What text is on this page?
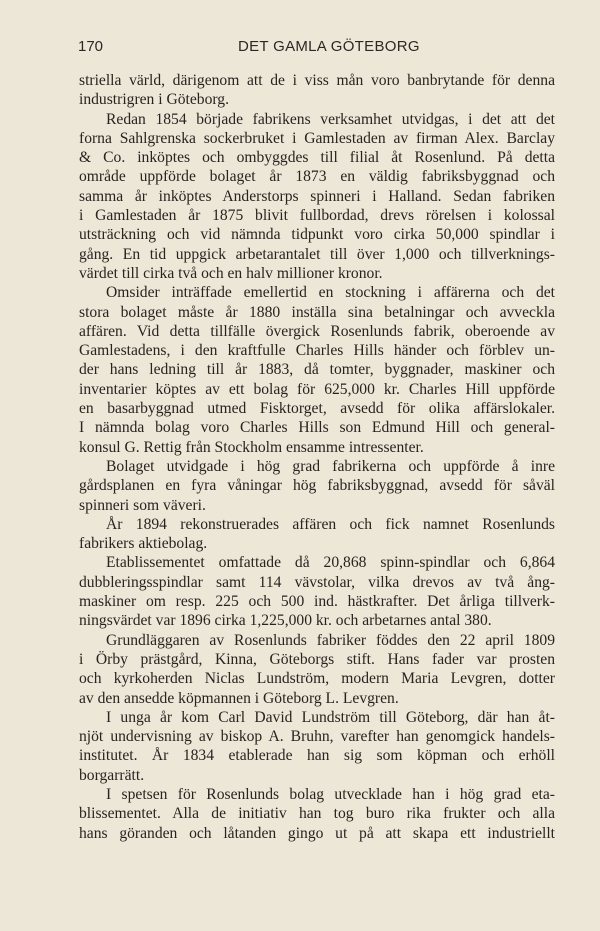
170	DET GAMLA GÖTEBORG
striella värld, därigenom att de i viss mån voro banbrytande för denna
industrigren i Göteborg.
Redan 1854 började fabrikens verksamhet utvidgas, i det att det
forna Sahlgrenska sockerbruket i Gamlestaden av firman Alex. Barclay
& Co. inköptes och ombyggdes till filial åt Rosenlund. På detta
område uppförde bolaget år 1873 en väldig fabriksbyggnad och
samma år inköptes Anderstorps spinneri i Halland. Sedan fabriken
i Gamlestaden år 1875 blivit fullbordad, drevs rörelsen i kolossal
utsträckning och vid nämnda tidpunkt voro cirka 50,000 spindlar i
gång. En tid uppgick arbetarantalet till över 1,000 och tillverknings-
värdet till cirka två och en halv millioner kronor.
Omsider inträffade emellertid en stockning i affärerna och det
stora bolaget måste år 1880 inställa sina betalningar och avveckla
affären. Vid detta tillfälle övergick Rosenlunds fabrik, oberoende av
Gamlestadens, i den kraftfulle Charles Hills händer och förblev un-
der hans ledning till år 1883, då tomter, byggnader, maskiner och
inventarier köptes av ett bolag för 625,000 kr. Charles Hill uppförde
en basarbyggnad utmed Fisktorget, avsedd för olika affärslokaler.
I nämnda bolag voro Charles Hills son Edmund Hill och general-
konsul G. Rettig från Stockholm ensamme intressenter.
Bolaget utvidgade i hög grad fabrikerna och uppförde å inre
gårdsplanen en fyra våningar hög fabriksbyggnad, avsedd för såväl
spinneri som väveri.
År 1894 rekonstruerades affären och fick namnet Rosenlunds
fabrikers aktiebolag.
Etablissementet omfattade då 20,868 spinn-spindlar och 6,864
dubbleringsspindlar samt 114 vävstolar, vilka drevos av två ång-
maskiner om resp. 225 och 500 ind. hästkrafter. Det årliga tillverk-
ningsvärdet var 1896 cirka 1,225,000 kr. och arbetarnes antal 380.
Grundläggaren av Rosenlunds fabriker föddes den 22 april 1809
i Örby prästgård, Kinna, Göteborgs stift. Hans fader var prosten
och kyrkoherden Niclas Lundström, modern Maria Levgren, dotter
av den ansedde köpmannen i Göteborg L. Levgren.
I unga år kom Carl David Lundström till Göteborg, där han åt-
njöt undervisning av biskop A. Bruhn, varefter han genomgick handels-
institutet. År 1834 etablerade han sig som köpman och erhöll
borgarrätt.
I spetsen för Rosenlunds bolag utvecklade han i hög grad eta-
blissementet. Alla de initiativ han tog buro rika frukter och alla
hans göranden och låtanden gingo ut på att skapa ett industriellt
